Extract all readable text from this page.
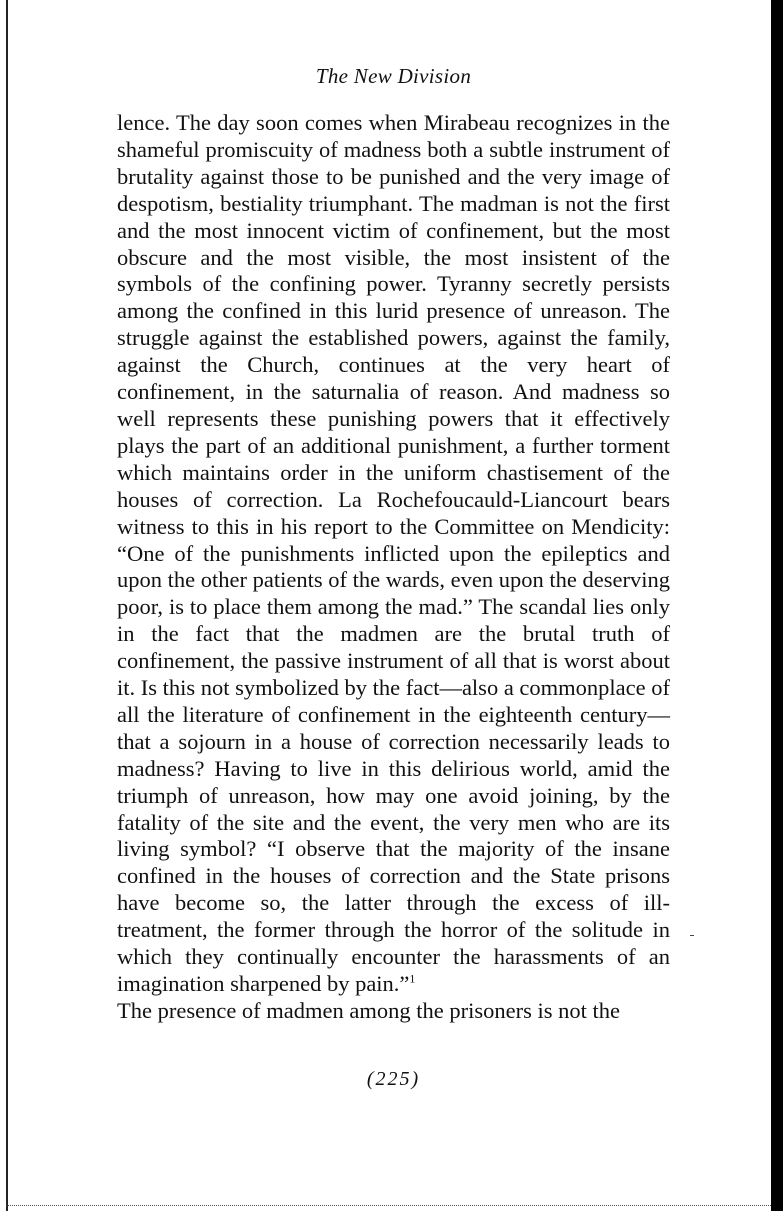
The New Division

lence. The day soon comes when Mirabeau recognizes in the shameful promiscuity of madness both a subtle instrument of brutality against those to be punished and the very image of despotism, bestiality triumphant. The madman is not the first and the most innocent victim of confinement, but the most obscure and the most visible, the most insistent of the symbols of the confining power. Tyranny secretly persists among the confined in this lurid presence of unreason. The struggle against the established powers, against the family, against the Church, continues at the very heart of confinement, in the saturnalia of reason. And madness so well represents these punishing powers that it effectively plays the part of an additional punishment, a further torment which maintains order in the uniform chastisement of the houses of correction. La Rochefoucauld-Liancourt bears witness to this in his report to the Committee on Mendicity: “One of the punishments inflicted upon the epileptics and upon the other patients of the wards, even upon the deserving poor, is to place them among the mad.” The scandal lies only in the fact that the madmen are the brutal truth of confinement, the passive instrument of all that is worst about it. Is this not symbolized by the fact—also a commonplace of all the literature of confinement in the eighteenth century—that a sojourn in a house of correction necessarily leads to madness? Having to live in this delirious world, amid the triumph of unreason, how may one avoid joining, by the fatality of the site and the event, the very men who are its living symbol? “I observe that the majority of the insane confined in the houses of correction and the State prisons have become so, the latter through the excess of ill-treatment, the former through the horror of the solitude in which they continually encounter the harassments of an imagination sharpened by pain.”$^1$

The presence of madmen among the prisoners is not the

(225)
